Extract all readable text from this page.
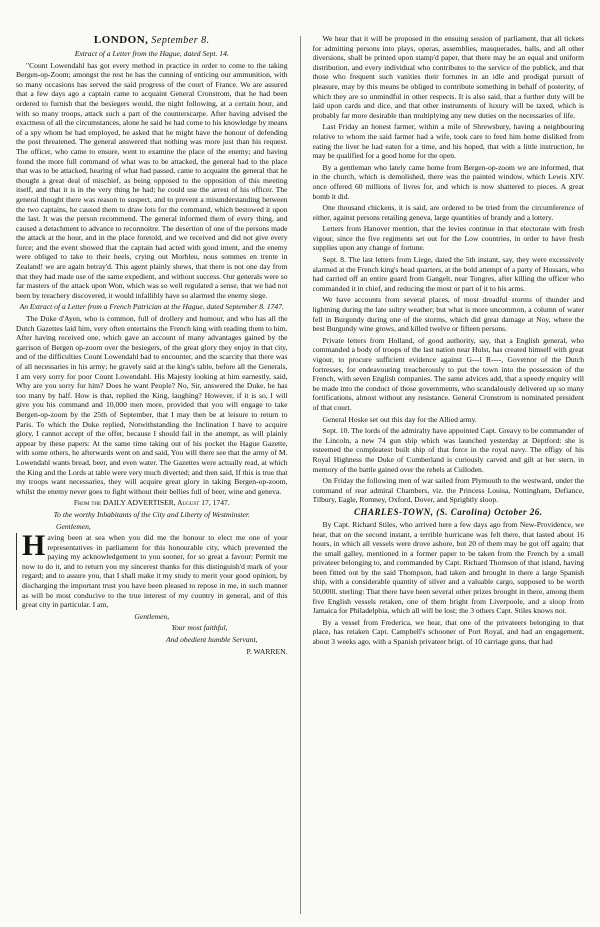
LONDON, September 8.
Extract of a Letter from the Hague, dated Sept. 14.

"Count Lowendahl has got every method in practice in order to come to the taking Bergen-op-Zoom; amongst the rest he has the cunning of enticing our ammunition, with so many occasions has served the said progress of the court of France. We are assured that a few days ago a captain came to acquaint General Cronstrom, that he had been ordered to furnish that the besiegers would, the night following, at a certain hour, and with so many troops, attack such a part of the counterscarpe. After having advised the exactness of all the circumstances, alone he said he had come to his knowledge by means of a spy whom he had employed, he asked that he might have the honour of defending the post threatened. The general answered that nothing was more just than his request. The officer, who came to ensure, went to examine the place of the enemy; and having found the more full command of what was to be attacked, the general had to the place that was to be attacked, hearing of what had passed, came to acquaint the general that he thought a great deal of mischief, as being opposed to the opposition of this meeting itself, and that it is in the very thing he had; he could use the arrest of his officer. The general thought there was reason to suspect, and to prevent a misunderstanding between the two captains, he caused them to draw lots for the command, which bestowed it upon the last. It was the person recommend. The general informed them of every thing, and caused a detachment to advance to reconnoitre. The desertion of one of the persons made the attack at the hour, and in the place foretold, and we received and did not give every force; and the event showed that the captain had acted with good intent, and the enemy were obliged to take to their heels, crying out Morbleu, nous sommes en trente in Zealand! we are again betray'd. This agent plainly shews, that there is not one day from that they had made use of the same expedient, and without success. Our generals were so far masters of the attack upon Won, which was so well regulated a sense, that we had not been by treachery discovered, it would infallibly have so alarmed the enemy siege.

An Extract of a Letter from a French Patrician at the Hague, dated September 8. 1747.

The Duke d'Ayen, who is common, full of drollery and humour, and who has all the Dutch Gazettes laid him, very often entertains the French king with reading them to him. After having received one, which gave an account of many advantages gained by the garrison of Bergen op-zoom over the besiegers, of the great glory they enjoy in that city, and of the difficulties Count Lowendahl had to encounter, and the scarcity that there was of all necessaries in his army; he gravely said at the king's table, before all the Generals, I am very sorry for poor Count Lowendahl. His Majesty looking at him earnestly, said, Why are you sorry for him? Does he want People? No, Sir, answered the Duke, he has too many by half. How is that, replied the King, laughing? However, if it is so, I will give you his command and 10,000 men more, provided that you will engage to take Bergen-op-zoom by the 25th of September, that I may then be at leisure to return to Paris. To which the Duke replied, Notwithstanding the Inclination I have to acquire glory, I cannot accept of the offer, because I should fail in the attempt, as will plainly appear by these papers: At the same time taking out of his pocket the Hague Gazette, with some others, he afterwards went on and said, You will there see that the army of M. Lowendahl wants bread, beer, and even water. The Gazettes were actually read, at which the King and the Lords at table were very much diverted; and then said, If this is true that my troops want necessaries, they will acquire great glory in taking Bergen-op-zoom, whilst the enemy never goes to fight without their bellies full of beer, wine and geneva.

From the DAILY ADVERTISER, August 17, 1747.

To the worthy Inhabitants of the City and Liberty of Westminster.

Gentlemen,

Having been at sea when you did me the honour to elect me one of your representatives in parliament for this honourable city, which prevented the paying my acknowledgement to you sooner, for so great a favour: Permit me now to do it, and to return you my sincerest thanks for this distinguish'd mark of your regard; and to assure you, that I shall make it my study to merit your good opinion, by discharging the important trust you have been pleased to repose in me, in such manner as will be most conducive to the true interest of my country in general, and of this great city in particular. I am,

Gentlemen,

Your most faithful,

And obedient humble Servant,

P. WARREN.

We hear that it will be proposed in the ensuing session of parliament, that all tickets for admitting persons into plays, operas, assemblies, masquerades, balls, and all other diversions, shall be printed upon stamp'd paper, that there may be an equal and uniform distribution, and every individual who contributes to the service of the publick, and that those who frequent such vanities their fortunes in an idle and prodigal pursuit of pleasure, may by this means be obliged to contribute something in behalf of posterity, of which they are so unmindful in other respects. It is also said, that a further duty will be laid upon cards and dice, and that other instruments of luxury will be taxed, which is probably far more desirable than multiplying any new duties on the necessaries of life.

Last Friday an honest farmer, within a mile of Shrewsbury, having a neighbouring relative to whom the said farmer had a wife, took care to feed him home disliked from eating the liver he had eaten for a time, and his hoped, that with a little instruction, he may be qualified for a good home for the open.

By a gentleman who lately came home from Bergen-op-zoom we are informed, that in the church, which is demolished, there was the painted window, which Lewis XIV. once offered 60 millions of livres for, and which is now shattered to pieces. A great bomb it did.

One thousand chickens, it is said, are ordered to be tried from the circumference of either, against persons retailing geneva, large quantities of brandy and a lottery.

Letters from Hanover mention, that the levies continue in that electorate with fresh vigour, since the five regiments set out for the Low countries, in order to have fresh supplies upon any change of fortune.

Sept. 8. The last letters from Liege, dated the 5th instant, say, they were excessively alarmed at the French king's head quarters, at the bold attempt of a party of Hussars, who had carried off an entire guard from Gangelt, near Tongres, after killing the officer who commanded it in chief, and reducing the most or part of it to his arms.

We have accounts from several places, of most dreadful storms of thunder and lightning during the late sultry weather; but what is more uncommon, a column of water fell in Burgundy during one of the storms, which did great damage at Noy, where the best Burgundy wine grows, and killed twelve or fifteen persons.

Private letters from Holland, of good authority, say, that a English general, who commanded a body of troops of the last nation near Hulst, has created himself with great vigour, to procure sufficient evidence against G---l R----, Governor of the Dutch fortresses, for endeavouring treacherously to put the town into the possession of the French, with seven English companies. The same advices add, that a speedy enquiry will be made into the conduct of those governments, who scandalously delivered up so many fortifications, almost without any resistance. General Cronstrom is nominated president of that court.

General Hoske set out this day for the Allied army.

Sept. 10. The lords of the admiralty have appointed Capt. Greavy to be commander of the Lincoln, a new 74 gun ship which was launched yesterday at Deptford: she is esteemed the compleatest built ship of that force in the royal navy. The effigy of his Royal Highness the Duke of Cumberland is curiously carved and gilt at her stern, in memory of the battle gained over the rebels at Culloden.

On Friday the following men of war sailed from Plymouth to the westward, under the command of rear admiral Chambers, viz. the Princess Louisa, Nottingham, Defiance, Tilbury, Eagle, Romney, Oxford, Dover, and Sprightly sloop.

CHARLES-TOWN, (S. Carolina) October 26.

By Capt. Richard Stiles, who arrived here a few days ago from New-Providence, we hear, that on the second instant, a terrible hurricane was felt there, that lasted about 16 hours, in which all vessels were drove ashore, but 20 of them may be got off again; that the small galley, mentioned in a former paper to be taken from the French by a small privateer belonging to, and commanded by Capt. Richard Thomson of that island, having been fitted out by the said Thompson, had taken and brought in there a large Spanish ship, with a considerable quantity of silver and a valuable cargo, supposed to be worth 50,000l. sterling: That there have been several other prizes brought in there, among them five English vessels retaken, one of them bright from Liverpoole, and a sloop from Jamaica for Philadelphia, which all will be lost; the 3 others Capt. Stiles knows not.

By a vessel from Frederica, we hear, that one of the privateers belonging to that place, has retaken Capt. Campbell's schooner of Port Royal, and had an engagement, about 3 weeks ago, with a Spanish privateer brigt. of 10 carriage guns, that had
